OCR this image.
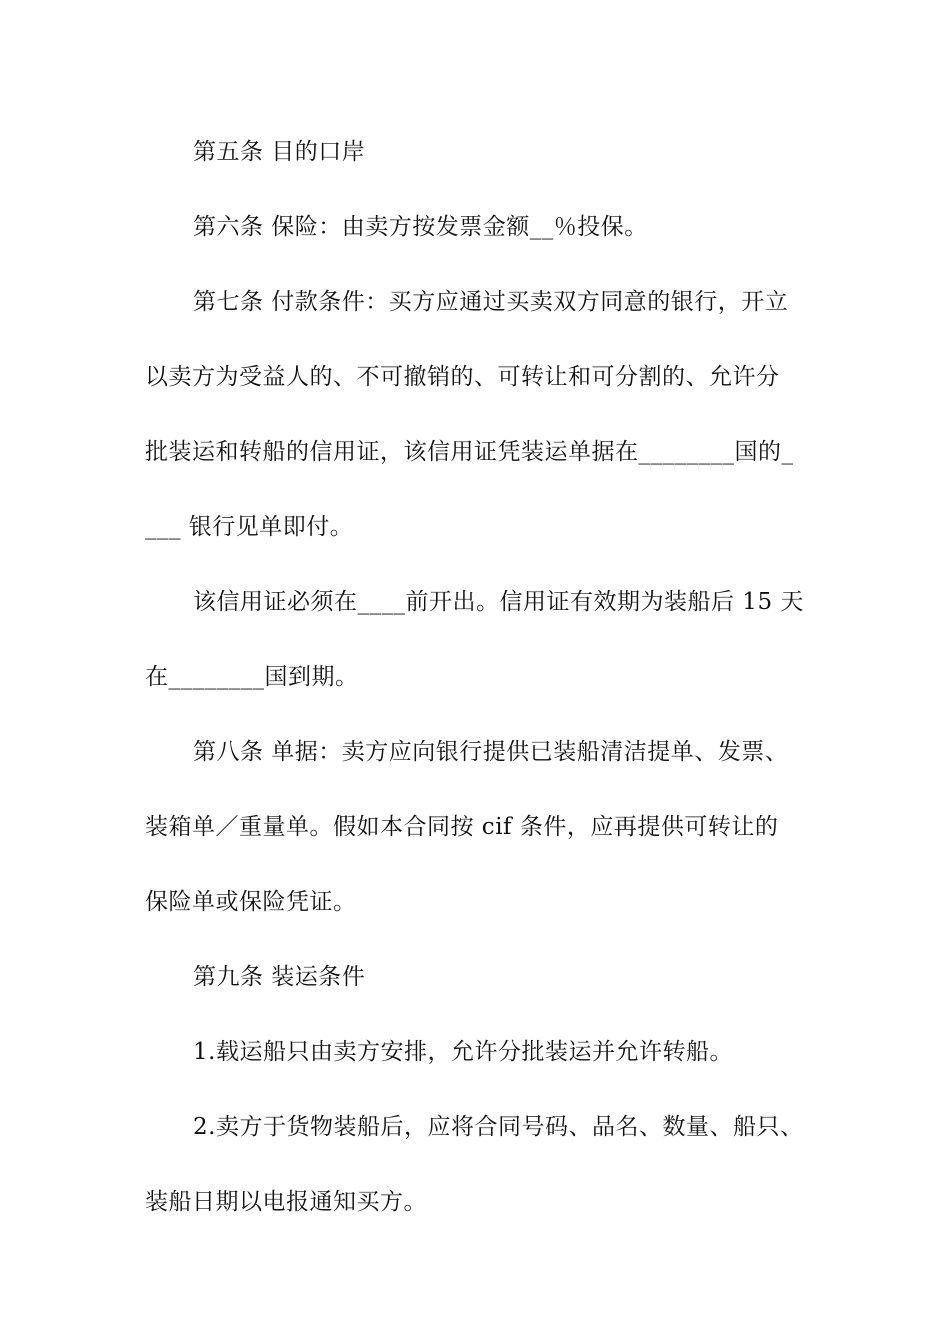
第五条 目的口岸
第六条 保险：由卖方按发票金额__％投保。
第七条 付款条件：买方应通过买卖双方同意的银行，开立
以卖方为受益人的、不可撤销的、可转让和可分割的、允许分
批装运和转船的信用证，该信用证凭装运单据在________国的_
___ 银行见单即付。
该信用证必须在____前开出。信用证有效期为装船后 15 天
在________国到期。
第八条 单据：卖方应向银行提供已装船清洁提单、发票、
装箱单／重量单。假如本合同按 cif 条件，应再提供可转让的
保险单或保险凭证。
第九条 装运条件
1.载运船只由卖方安排，允许分批装运并允许转船。
2.卖方于货物装船后，应将合同号码、品名、数量、船只、
装船日期以电报通知买方。
